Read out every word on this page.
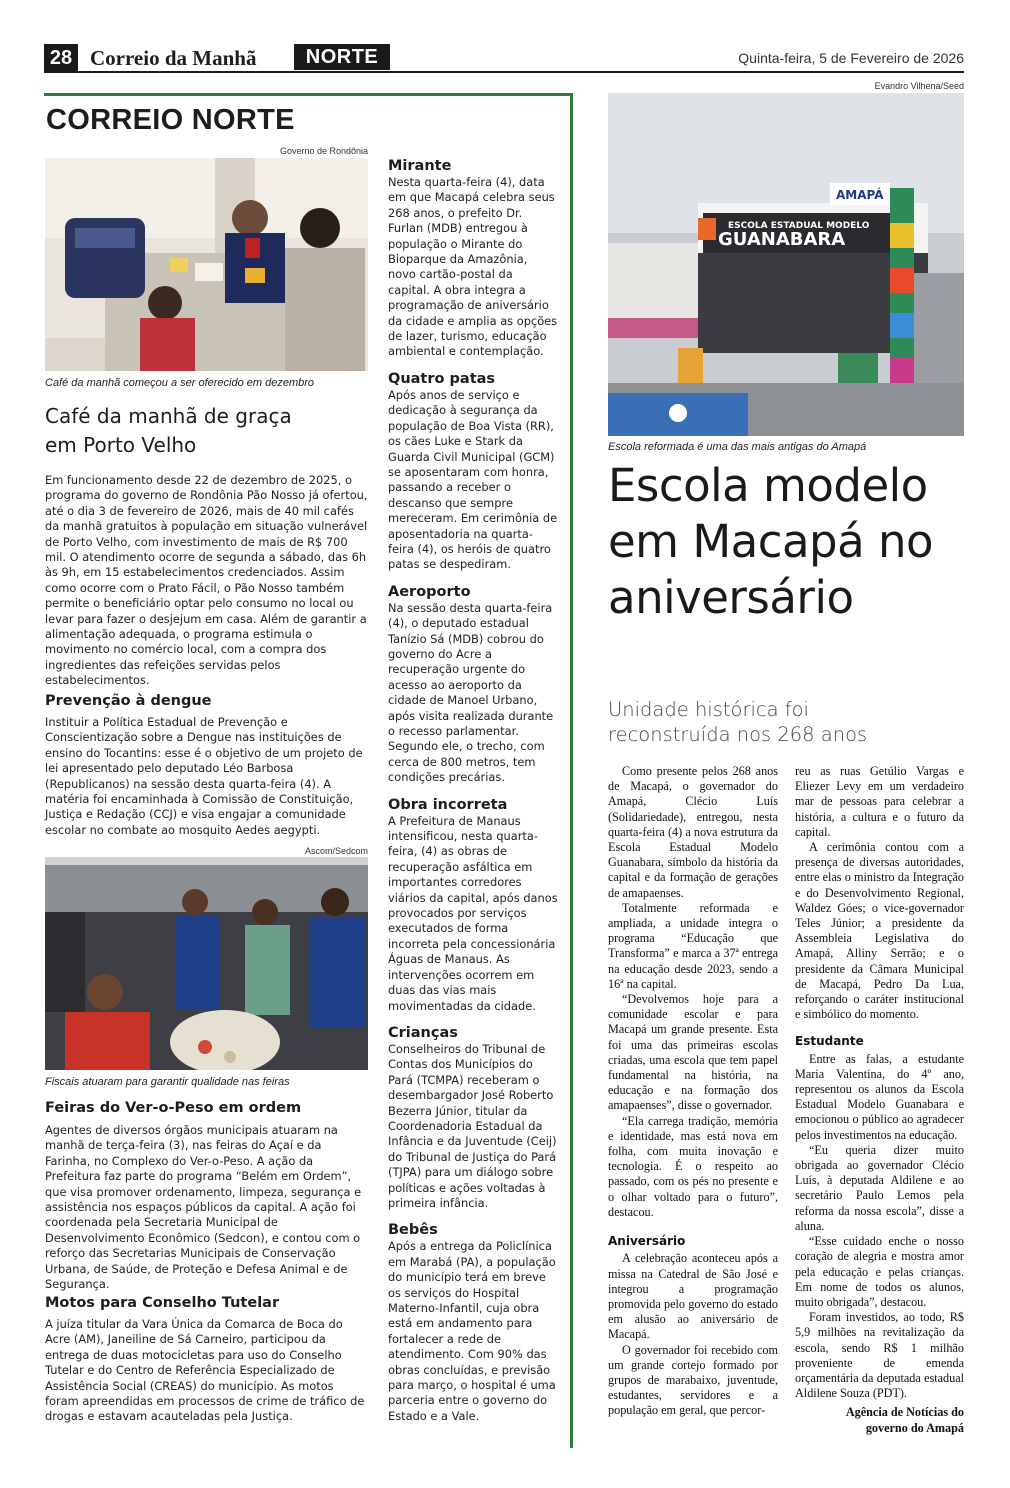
28 Correio da Manhã	NORTE	Quinta-feira, 5 de Fevereiro de 2026
CORREIO NORTE
Governo de Rondônia
Café da manhã começou a ser oferecido em dezembro
Café da manhã de graça em Porto Velho

Em funcionamento desde 22 de dezembro de 2025, o programa do governo de Rondônia Pão Nosso já ofertou, até o dia 3 de fevereiro de 2026, mais de 40 mil cafés da manhã gratuitos à população em situação vulnerável de Porto Velho, com investimento de mais de R$ 700 mil. O atendimento ocorre de segunda a sábado, das 6h às 9h, em 15 estabelecimentos credenciados. Assim como ocorre com o Prato Fácil, o Pão Nosso também permite o beneficiário optar pelo consumo no local ou levar para fazer o desjejum em casa. Além de garantir a alimentação adequada, o programa estimula o movimento no comércio local, com a compra dos ingredientes das refeições servidas pelos estabelecimentos.

Prevenção à dengue

Instituir a Política Estadual de Prevenção e Conscientização sobre a Dengue nas instituições de ensino do Tocantins: esse é o objetivo de um projeto de lei apresentado pelo deputado Léo Barbosa (Republicanos) na sessão desta quarta-feira (4). A matéria foi encaminhada à Comissão de Constituição, Justiça e Redação (CCJ) e visa engajar a comunidade escolar no combate ao mosquito Aedes aegypti.

Ascom/Sedcom
Fiscais atuaram para garantir qualidade nas feiras
Feiras do Ver-o-Peso em ordem

Agentes de diversos órgãos municipais atuaram na manhã de terça-feira (3), nas feiras do Açaí e da Farinha, no Complexo do Ver-o-Peso. A ação da Prefeitura faz parte do programa “Belém em Ordem”, que visa promover ordenamento, limpeza, segurança e assistência nos espaços públicos da capital. A ação foi coordenada pela Secretaria Municipal de Desenvolvimento Econômico (Sedcon), e contou com o reforço das Secretarias Municipais de Conservação Urbana, de Saúde, de Proteção e Defesa Animal e de Segurança.

Motos para Conselho Tutelar

A juíza titular da Vara Única da Comarca de Boca do Acre (AM), Janeiline de Sá Carneiro, participou da entrega de duas motocicletas para uso do Conselho Tutelar e do Centro de Referência Especializado de Assistência Social (CREAS) do município. As motos foram apreendidas em processos de crime de tráfico de drogas e estavam acauteladas pela Justiça.

Mirante

Nesta quarta-feira (4), data em que Macapá celebra seus 268 anos, o prefeito Dr. Furlan (MDB) entregou à população o Mirante do Bioparque da Amazônia, novo cartão-postal da capital. A obra integra a programação de aniversário da cidade e amplia as opções de lazer, turismo, educação ambiental e contemplação.

Quatro patas

Após anos de serviço e dedicação à segurança da população de Boa Vista (RR), os cães Luke e Stark da Guarda Civil Municipal (GCM) se aposentaram com honra, passando a receber o descanso que sempre mereceram. Em cerimônia de aposentadoria na quarta-feira (4), os heróis de quatro patas se despediram.

Aeroporto

Na sessão desta quarta-feira (4), o deputado estadual Tanízio Sá (MDB) cobrou do governo do Acre a recuperação urgente do acesso ao aeroporto da cidade de Manoel Urbano, após visita realizada durante o recesso parlamentar. Segundo ele, o trecho, com cerca de 800 metros, tem condições precárias.

Obra incorreta

A Prefeitura de Manaus intensificou, nesta quarta-feira, (4) as obras de recuperação asfáltica em importantes corredores viários da capital, após danos provocados por serviços executados de forma incorreta pela concessionária Águas de Manaus. As intervenções ocorrem em duas das vias mais movimentadas da cidade.

Crianças

Conselheiros do Tribunal de Contas dos Municípios do Pará (TCMPA) receberam o desembargador José Roberto Bezerra Júnior, titular da Coordenadoria Estadual da Infância e da Juventude (Ceij) do Tribunal de Justiça do Pará (TJPA) para um diálogo sobre políticas e ações voltadas à primeira infância.

Bebês

Após a entrega da Policlínica em Marabá (PA), a população do município terá em breve os serviços do Hospital Materno-Infantil, cuja obra está em andamento para fortalecer a rede de atendimento. Com 90% das obras concluídas, e previsão para março, o hospital é uma parceria entre o governo do Estado e a Vale.

Evandro Vilhena/Seed
ESCOLA ESTADUAL MODELO
GUANABARA
AMAPÁ
Escola reformada é uma das mais antigas do Amapá
Escola modelo em Macapá no aniversário
Unidade histórica foi reconstruída nos 268 anos

Como presente pelos 268 anos de Macapá, o governador do Amapá, Clécio Luís (Solidariedade), entregou, nesta quarta-feira (4) a nova estrutura da Escola Estadual Modelo Guanabara, símbolo da história da capital e da formação de gerações de amapaenses.

Totalmente reformada e ampliada, a unidade integra o programa “Educação que Transforma” e marca a 37ª entrega na educação desde 2023, sendo a 16ª na capital.

“Devolvemos hoje para a comunidade escolar e para Macapá um grande presente. Esta foi uma das primeiras escolas criadas, uma escola que tem papel fundamental na história, na educação e na formação dos amapaenses”, disse o governador.

“Ela carrega tradição, memória e identidade, mas está nova em folha, com muita inovação e tecnologia. É o respeito ao passado, com os pés no presente e o olhar voltado para o futuro”, destacou.

Aniversário

A celebração aconteceu após a missa na Catedral de São José e integrou a programação promovida pelo governo do estado em alusão ao aniversário de Macapá.

O governador foi recebido com um grande cortejo formado por grupos de marabaixo, juventude, estudantes, servidores e a população em geral, que percor-

reu as ruas Getúlio Vargas e Eliezer Levy em um verdadeiro mar de pessoas para celebrar a história, a cultura e o futuro da capital.

A cerimônia contou com a presença de diversas autoridades, entre elas o ministro da Integração e do Desenvolvimento Regional, Waldez Góes; o vice-governador Teles Júnior; a presidente da Assembleia Legislativa do Amapá, Alliny Serrão; e o presidente da Câmara Municipal de Macapá, Pedro Da Lua, reforçando o caráter institucional e simbólico do momento.

Estudante

Entre as falas, a estudante Maria Valentina, do 4º ano, representou os alunos da Escola Estadual Modelo Guanabara e emocionou o público ao agradecer pelos investimentos na educação.

“Eu queria dizer muito obrigada ao governador Clécio Luís, à deputada Aldilene e ao secretário Paulo Lemos pela reforma da nossa escola”, disse a aluna.

“Esse cuidado enche o nosso coração de alegria e mostra amor pela educação e pelas crianças. Em nome de todos os alunos, muito obrigada”, destacou.

Foram investidos, ao todo, R$ 5,9 milhões na revitalização da escola, sendo R$ 1 milhão proveniente de emenda orçamentária da deputada estadual Aldilene Souza (PDT).

Agência de Notícias do governo do Amapá
